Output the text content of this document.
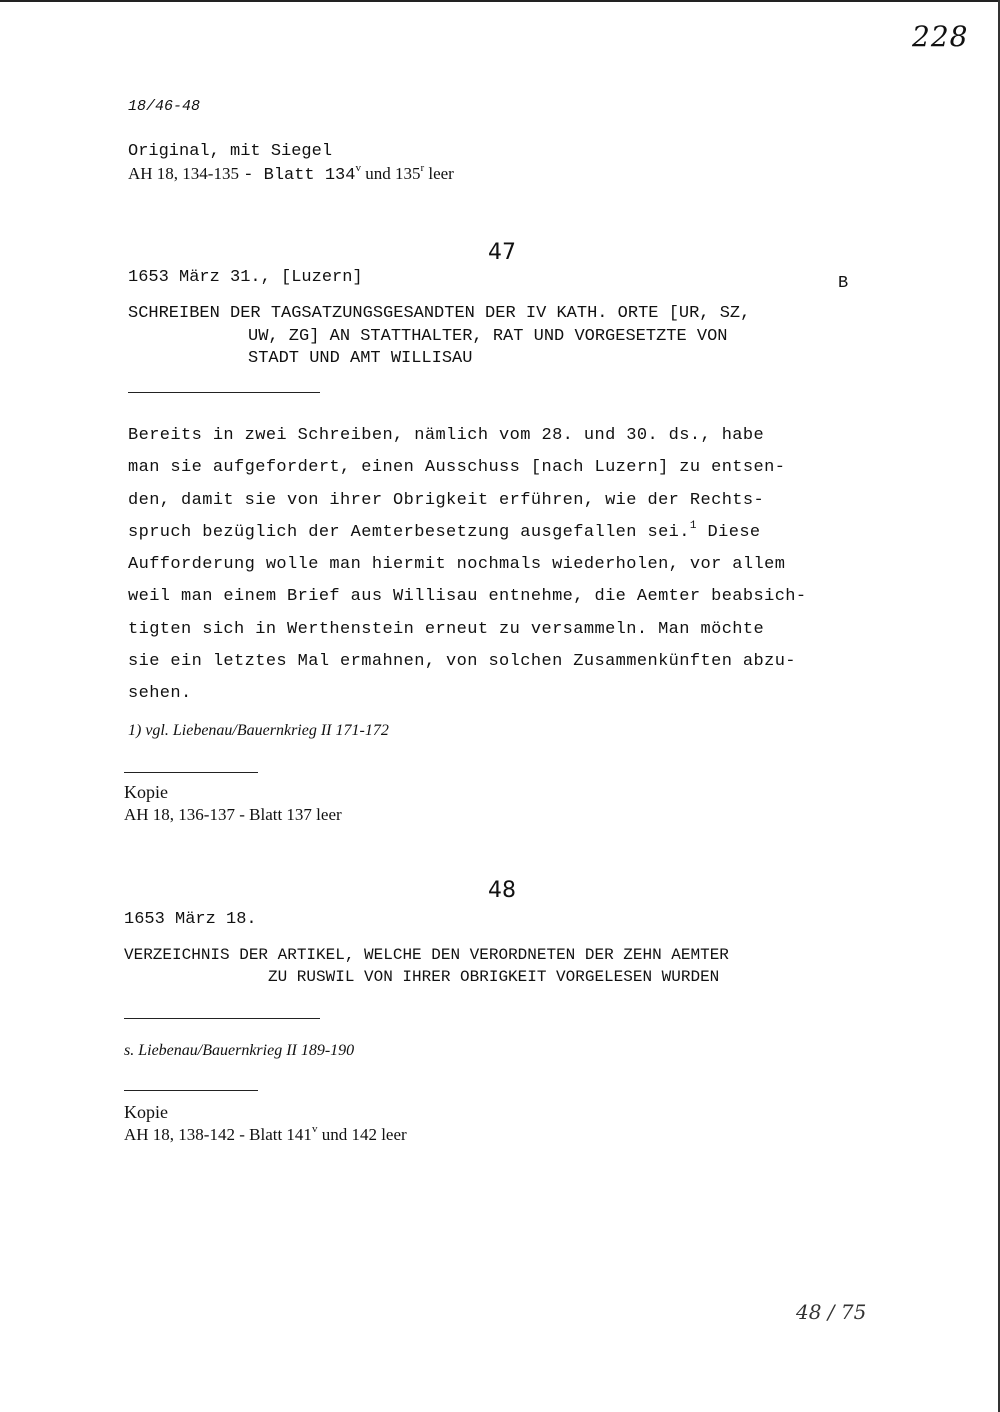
228
18/46-48
Original, mit Siegel
AH 18, 134-135 - Blatt 134$^v$ und 135$^r$ leer
47
1653 März 31., [Luzern]	B
SCHREIBEN DER TAGSATZUNGSGESANDTEN DER IV KATH. ORTE [UR, SZ,
UW, ZG] AN STATTHALTER, RAT UND VORGESETZTE VON
STADT UND AMT WILLISAU
Bereits in zwei Schreiben, nämlich vom 28. und 30. ds., habe
man sie aufgefordert, einen Ausschuss [nach Luzern] zu entsen-
den, damit sie von ihrer Obrigkeit erführen, wie der Rechts-
spruch bezüglich der Aemterbesetzung ausgefallen sei.$^1$ Diese
Aufforderung wolle man hiermit nochmals wiederholen, vor allem
weil man einem Brief aus Willisau entnehme, die Aemter beabsich-
tigten sich in Werthenstein erneut zu versammeln. Man möchte
sie ein letztes Mal ermahnen, von solchen Zusammenkünften abzu-
sehen.
1) vgl. Liebenau/Bauernkrieg II 171-172
Kopie
AH 18, 136-137 - Blatt 137 leer
48
1653 März 18.
VERZEICHNIS DER ARTIKEL, WELCHE DEN VERORDNETEN DER ZEHN AEMTER
ZU RUSWIL VON IHRER OBRIGKEIT VORGELESEN WURDEN
s. Liebenau/Bauernkrieg II 189-190
Kopie
AH 18, 138-142 - Blatt 141$^v$ und 142 leer
48 / 75
